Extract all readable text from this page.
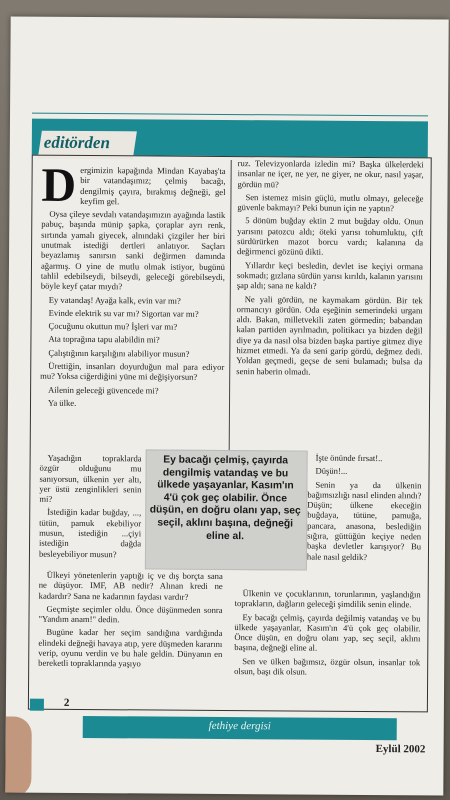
editörden

Dergimizin kapağında Mindan Kayabaş'ta bir vatandaşımız; çelmiş bacağı, dengilmiş çayıra, bırakmış değneği, gel keyfim gel.

Oysa çileye sevdalı vatandaşımızın ayağında lastik pabuç, başında münip şapka, çoraplar ayrı renk, sırtında yamalı giyecek, alnındaki çizgiler her biri unutmak istediği dertleri anlatıyor. Saçları beyazlamış sanırsın sanki değirmen damında ağarmış. O yine de mutlu olmak istiyor, bugünü tahlil edebilseydi, bilseydi, geleceği görebilseydi, böyle keyf çatar mıydı?

Ey vatandaş! Ayağa kalk, evin var mı?

Evinde elektrik su var mı? Sigortan var mı?

Çocuğunu okuttun mu? İşleri var mı?

Ata toprağına tapu alabildin mi?

Çalıştığının karşılığını alabiliyor musun?

Ürettiğin, insanları doyurduğun mal para ediyor mu? Yoksa ciğerdiğini yüne mi değişiyorsun?

Ailenin geleceği güvencede mi?

Ya ülke.

Yaşadığın topraklarda özgür olduğunu mu sanıyorsun, ülkenin yer altı, yer üstü zenginlikleri senin mi?

İstediğin kadar buğday, ..., tütün, pamuk ekebiliyor musun, istediğin ...çiyi istediğin dağda besleyebiliyor musun?

Ülkeyi yönetenlerin yaptığı iç ve dış borçta sana ne düşüyor. IMF, AB nedir? Alınan kredi ne kadardır? Sana ne kadarının faydası vardır?

Geçmişte seçimler oldu. Önce düşünmeden sonra "Yandım anam!" dedin.

Bugüne kadar her seçim sandığına vardığında elindeki değneği havaya atıp, yere düşmeden kararını verip, oyunu verdin ve bu hale geldin. Dünyanın en bereketli topraklarında yaşıyo

ruz. Televizyonlarda izledin mi? Başka ülkelerdeki insanlar ne içer, ne yer, ne giyer, ne okur, nasıl yaşar, gördün mü?

Sen istemez misin güçlü, mutlu olmayı, geleceğe güvenle bakmayı? Peki bunun için ne yaptın?

5 dönüm buğday ektin 2 mut buğday oldu. Onun yarısını patozcu aldı; öteki yarısı tohumluktu, çift sürdürürken mazot borcu vardı; kalanına da değirmenci gözünü dikti.

Yıllardır keçi besledin, devlet ise keçiyi ormana sokmadı; gızlana sürdün yarısı kırıldı, kalanın yarısını şap aldı; sana ne kaldı?

Ne yali gördün, ne kaymakam gördün. Bir tek ormancıyı gördün. Oda eşeğinin semerindeki urganı aldı. Bakan, milletvekili zaten görmedin; babandan kalan partiden ayrılmadın, politikacı ya bizden değil diye ya da nasıl olsa bizden başka partiye gitmez diye hizmet etmedi. Ya da seni garip gördü, değmez dedi. Yoldan geçmedi, geçse de seni bulamadı; bulsa da senin haberin olmadı.

İşte önünde fırsat!..

Düşün!...

Senin ya da ülkenin bağımsızlığı nasıl elinden alındı? Düşün; ülkene ekeceğin buğdaya, tütüne, pamuğa, pancara, anasona, beslediğin sığıra, güttüğün keçiye neden başka devletler karışıyor? Bu hale nasıl geldik?

Ülkenin ve çocuklarının, torunlarının, yaşlandığın toprakların, dağların geleceği şimdilik senin elinde.

Ey bacağı çelmiş, çayırda değilmiş vatandaş ve bu ülkede yaşayanlar, Kasım'ın 4'ü çok geç olabilir. Önce düşün, en doğru olanı yap, seç seçil, aklını başına, değneği eline al.

Sen ve ülken bağımsız, özgür olsun, insanlar tok olsun, başı dik olsun.

Ey bacağı çelmiş, çayırda dengilmiş vatandaş ve bu ülkede yaşayanlar, Kasım'ın 4'ü çok geç olabilir. Önce düşün, en doğru olanı yap, seç seçil, aklını başına, değneği eline al.
2
fethiye dergisi
Eylül 2002
